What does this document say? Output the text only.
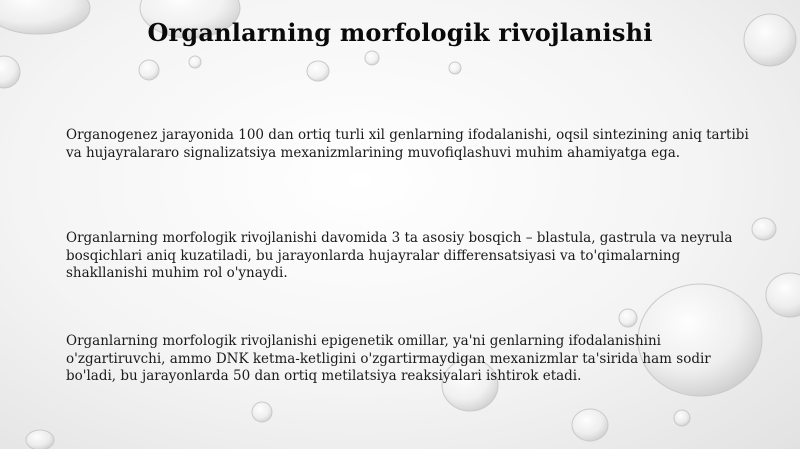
Organlarning morfologik rivojlanishi
Organogenez jarayonida 100 dan ortiq turli xil genlarning ifodalanishi, oqsil sintezining aniq tartibi va hujayralararo signalizatsiya mexanizmlarining muvofiqlashuvi muhim ahamiyatga ega.
Organlarning morfologik rivojlanishi davomida 3 ta asosiy bosqich – blastula, gastrula va neyrula bosqichlari aniq kuzatiladi, bu jarayonlarda hujayralar differensatsiyasi va to'qimalarning shakllanishi muhim rol o'ynaydi.
Organlarning morfologik rivojlanishi epigenetik omillar, ya'ni genlarning ifodalanishini o'zgartiruvchi, ammo DNK ketma-ketligini o'zgartirmaydigan mexanizmlar ta'sirida ham sodir bo'ladi, bu jarayonlarda 50 dan ortiq metilatsiya reaksiyalari ishtirok etadi.
